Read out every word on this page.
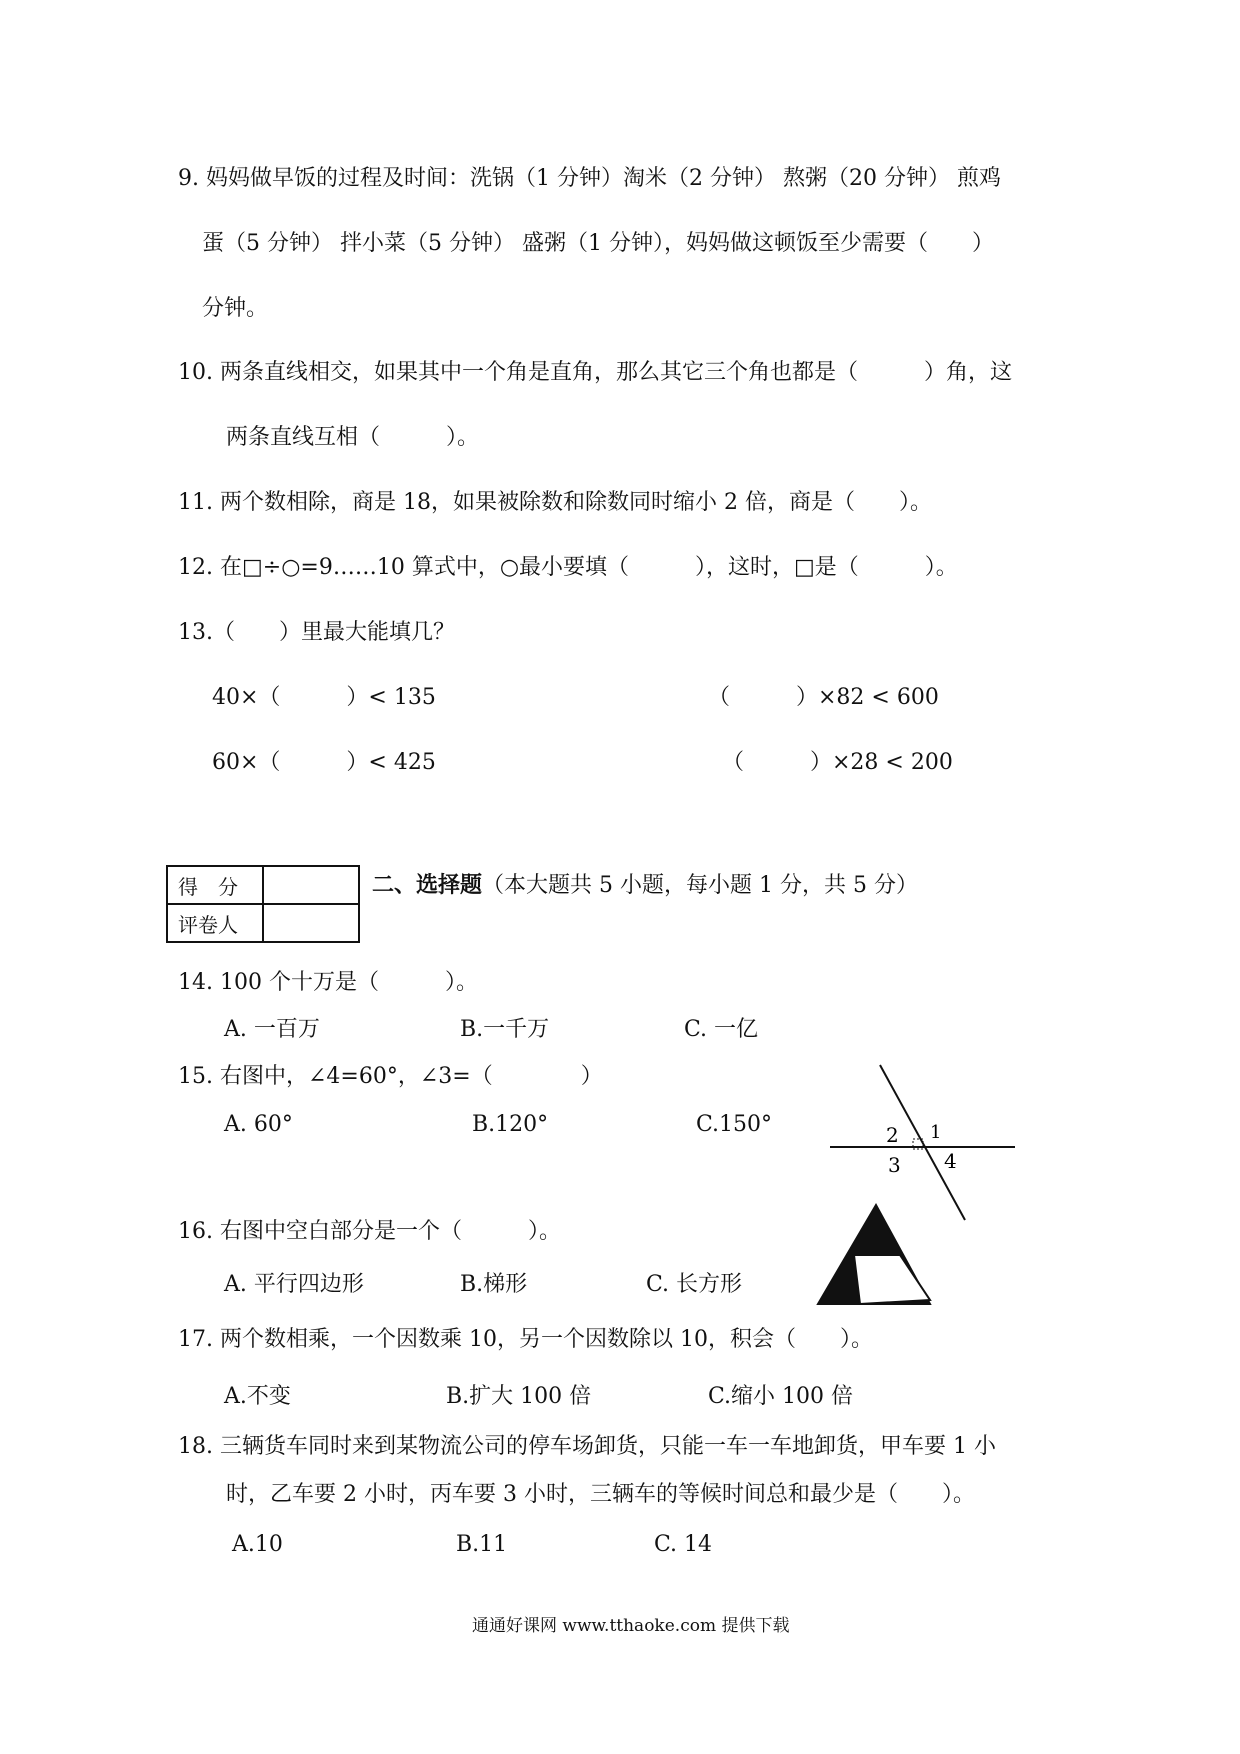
9. 妈妈做早饭的过程及时间：洗锅（1 分钟）淘米（2 分钟） 熬粥（20 分钟） 煎鸡
蛋（5 分钟） 拌小菜（5 分钟） 盛粥（1 分钟），妈妈做这顿饭至少需要（　　）
分钟。
10. 两条直线相交，如果其中一个角是直角，那么其它三个角也都是（　　　）角，这
两条直线互相（　　　）。
11. 两个数相除，商是 18，如果被除数和除数同时缩小 2 倍，商是（　　）。
12. 在□÷○=9……10 算式中，○最小要填（　　　），这时，□是（　　　）。
13.（　　）里最大能填几？
40×（　　　）< 135	（　　　）×82 < 600
60×（　　　）< 425	（　　　）×28 < 200
得　分	
评卷人	
二、选择题（本大题共 5 小题，每小题 1 分，共 5 分）
14. 100 个十万是（　　　）。
A. 一百万	B.一千万	C. 一亿
15. 右图中，∠4=60°，∠3=（　　　　）
A. 60°	B.120°	C.150°	2 1
3 4
16. 右图中空白部分是一个（　　　）。
A. 平行四边形	B.梯形	C. 长方形
17. 两个数相乘，一个因数乘 10，另一个因数除以 10，积会（　　）。
A.不变	B.扩大 100 倍	C.缩小 100 倍
18. 三辆货车同时来到某物流公司的停车场卸货，只能一车一车地卸货，甲车要 1 小
时，乙车要 2 小时，丙车要 3 小时，三辆车的等候时间总和最少是（　　）。
A.10	B.11	C. 14
通通好课网 www.tthaoke.com 提供下载
